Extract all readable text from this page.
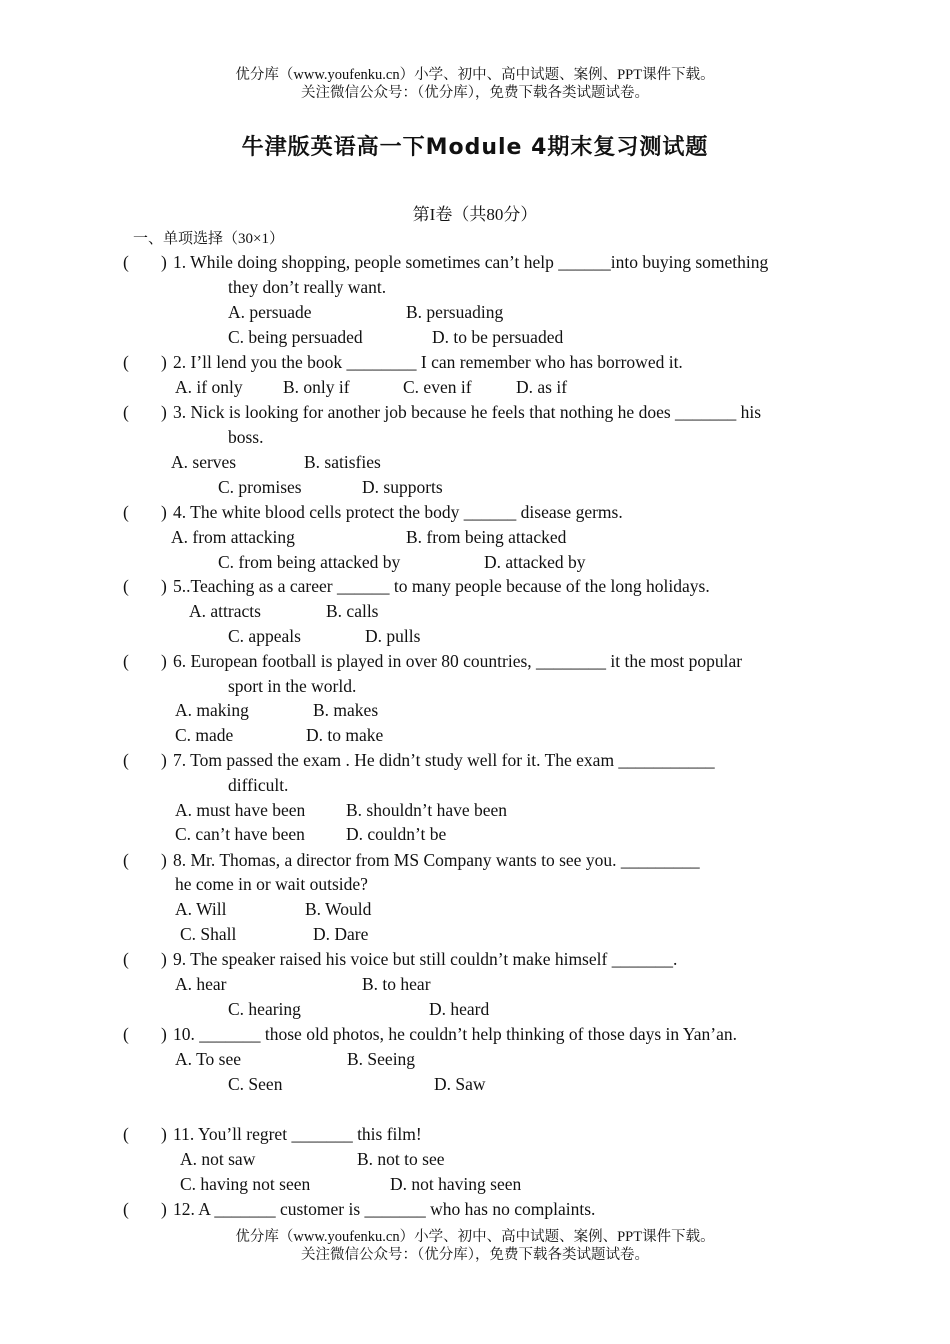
优分库（www.youfenku.cn）小学、初中、高中试题、案例、PPT课件下载。
关注微信公众号：（优分库），免费下载各类试题试卷。
牛津版英语高一下Module 4期末复习测试题
第I卷（共80分）
一、单项选择（30×1）
( ) 1. While doing shopping, people sometimes can’t help ______into buying something
they don’t really want.
A. persuade	B. persuading
C. being persuaded	D. to be persuaded
( ) 2. I’ll lend you the book ________ I can remember who has borrowed it.
A. if only B. only if	C. even if	D. as if
( ) 3. Nick is looking for another job because he feels that nothing he does _______ his
boss.
A. serves	B. satisfies
C. promises	D. supports
( ) 4. The white blood cells protect the body ______ disease germs.
A. from attacking	B. from being attacked
C. from being attacked by	D. attacked by
( ) 5..Teaching as a career ______ to many people because of the long holidays.
A. attracts	B. calls
C. appeals	D. pulls
( ) 6. European football is played in over 80 countries, ________ it the most popular
sport in the world.
A. making	B. makes
C. made	D. to make
( ) 7. Tom passed the exam . He didn’t study well for it. The exam ___________
difficult.
A. must have been B. shouldn’t have been
C. can’t have been D. couldn’t be
( ) 8. Mr. Thomas, a director from MS Company wants to see you. _________
he come in or wait outside?
A. Will	B. Would
C. Shall	D. Dare
( ) 9. The speaker raised his voice but still couldn’t make himself _______.
A. hear	B. to hear
C. hearing	D. heard
( ) 10. _______ those old photos, he couldn’t help thinking of those days in Yan’an.
A. To see	B. Seeing
C. Seen	D. Saw
( ) 11. You’ll regret _______ this film!
A. not saw	B. not to see
C. having not seen	D. not having seen
( ) 12. A _______ customer is _______ who has no complaints.
优分库（www.youfenku.cn）小学、初中、高中试题、案例、PPT课件下载。
关注微信公众号：（优分库），免费下载各类试题试卷。
